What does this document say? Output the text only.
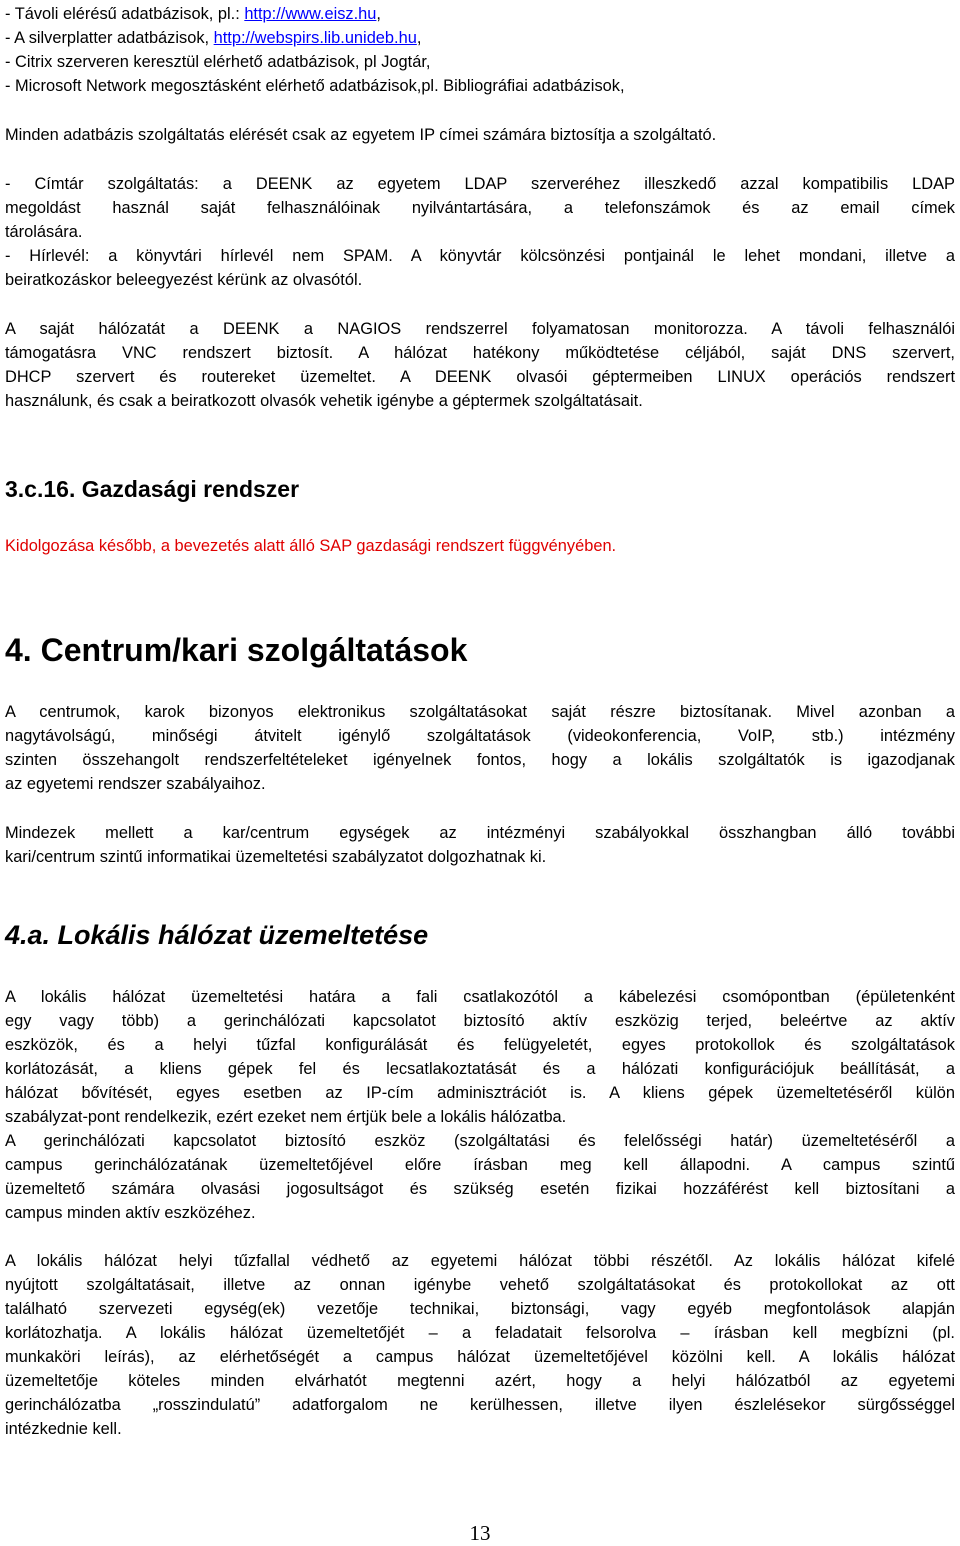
- Távoli elérésű adatbázisok, pl.: http://www.eisz.hu,
- A silverplatter adatbázisok, http://webspirs.lib.unideb.hu,
- Citrix szerveren keresztül elérhető adatbázisok, pl Jogtár,
- Microsoft Network megosztásként elérhető adatbázisok,pl. Bibliográfiai adatbázisok,
Minden adatbázis szolgáltatás elérését csak az egyetem IP címei számára biztosítja a szolgáltató.
- Címtár szolgáltatás: a DEENK az egyetem LDAP szerveréhez illeszkedő azzal kompatibilis LDAP
megoldást használ saját felhasználóinak nyilvántartására, a telefonszámok és az email címek
tárolására.
- Hírlevél: a könyvtári hírlevél nem SPAM. A könyvtár kölcsönzési pontjainál le lehet mondani, illetve a
beiratkozáskor beleegyezést kérünk az olvasótól.
A saját hálózatát a DEENK a NAGIOS rendszerrel folyamatosan monitorozza. A távoli felhasználói
támogatásra VNC rendszert biztosít. A hálózat hatékony működtetése céljából, saját DNS szervert,
DHCP szervert és routereket üzemeltet. A DEENK olvasói géptermeiben LINUX operációs rendszert
használunk, és csak a beiratkozott olvasók vehetik igénybe a géptermek szolgáltatásait.
3.c.16. Gazdasági rendszer
Kidolgozása később, a bevezetés alatt álló SAP gazdasági rendszert függvényében.
4. Centrum/kari szolgáltatások
A centrumok, karok bizonyos elektronikus szolgáltatásokat saját részre biztosítanak. Mivel azonban a
nagytávolságú, minőségi átvitelt igénylő szolgáltatások (videokonferencia, VoIP, stb.) intézmény
szinten összehangolt rendszerfeltételeket igényelnek fontos, hogy a lokális szolgáltatók is igazodjanak
az egyetemi rendszer szabályaihoz.
Mindezek mellett a kar/centrum egységek az intézményi szabályokkal összhangban álló további
kari/centrum szintű informatikai üzemeltetési szabályzatot dolgozhatnak ki.
4.a. Lokális hálózat üzemeltetése
A lokális hálózat üzemeltetési határa a fali csatlakozótól a kábelezési csomópontban (épületenként
egy vagy több) a gerinchálózati kapcsolatot biztosító aktív eszközig terjed, beleértve az aktív
eszközök, és a helyi tűzfal konfigurálását és felügyeletét, egyes protokollok és szolgáltatások
korlátozását, a kliens gépek fel és lecsatlakoztatását és a hálózati konfigurációjuk beállítását, a
hálózat bővítését, egyes esetben az IP-cím adminisztrációt is. A kliens gépek üzemeltetéséről külön
szabályzat-pont rendelkezik, ezért ezeket nem értjük bele a lokális hálózatba.
A gerinchálózati kapcsolatot biztosító eszköz (szolgáltatási és felelősségi határ) üzemeltetéséről a
campus gerinchálózatának üzemeltetőjével előre írásban meg kell állapodni. A campus szintű
üzemeltető számára olvasási jogosultságot és szükség esetén fizikai hozzáférést kell biztosítani a
campus minden aktív eszközéhez.
A lokális hálózat helyi tűzfallal védhető az egyetemi hálózat többi részétől. Az lokális hálózat kifelé
nyújtott szolgáltatásait, illetve az onnan igénybe vehető szolgáltatásokat és protokollokat az ott
található szervezeti egység(ek) vezetője technikai, biztonsági, vagy egyéb megfontolások alapján
korlátozhatja. A lokális hálózat üzemeltetőjét – a feladatait felsorolva – írásban kell megbízni (pl.
munkaköri leírás), az elérhetőségét a campus hálózat üzemeltetőjével közölni kell. A lokális hálózat
üzemeltetője köteles minden elvárhatót megtenni azért, hogy a helyi hálózatból az egyetemi
gerinchálózatba „rosszindulatú” adatforgalom ne kerülhessen, illetve ilyen észlelésekor sürgősséggel
intézkednie kell.
13
